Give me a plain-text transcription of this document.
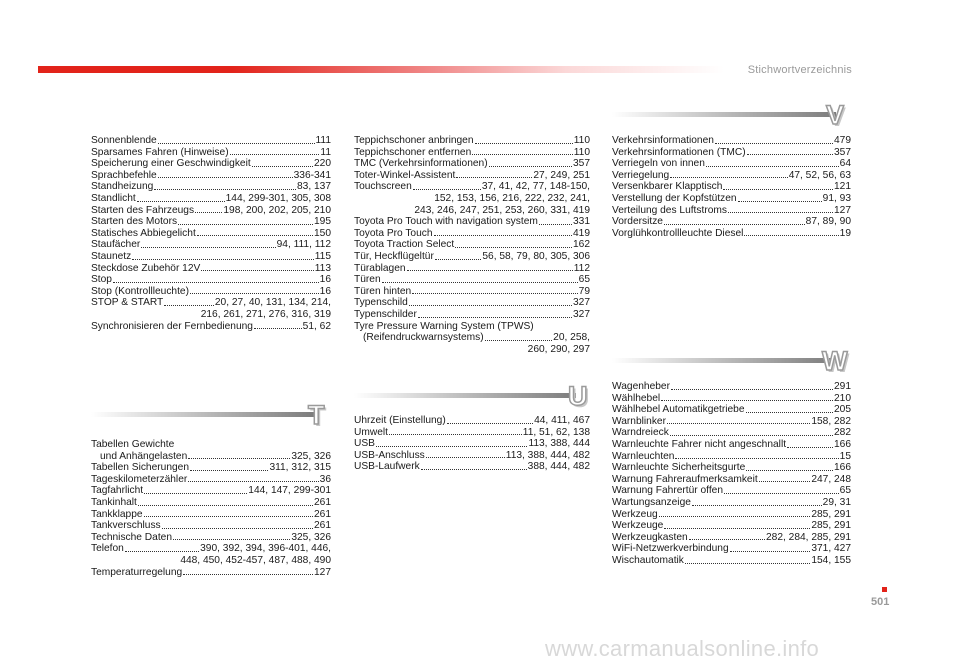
Stichwortverzeichnis
Sonnenblende	111
Sparsames Fahren (Hinweise)	11
Speicherung einer Geschwindigkeit	220
Sprachbefehle	336-341
Standheizung	83, 137
Standlicht	144, 299-301, 305, 308
Starten des Fahrzeugs	198, 200, 202, 205, 210
Starten des Motors	195
Statisches Abbiegelicht	150
Staufächer	94, 111, 112
Staunetz	115
Steckdose Zubehör 12V	113
Stop	16
Stop (Kontrollleuchte)	16
STOP & START	20, 27, 40, 131, 134, 214,
216, 261, 271, 276, 316, 319
Synchronisieren der Fernbedienung	51, 62
T
Tabellen Gewichte
und Anhängelasten	325, 326
Tabellen Sicherungen	311, 312, 315
Tageskilometerzähler	36
Tagfahrlicht	144, 147, 299-301
Tankinhalt	261
Tankklappe	261
Tankverschluss	261
Technische Daten	325, 326
Telefon	390, 392, 394, 396-401, 446,
448, 450, 452-457, 487, 488, 490
Temperaturregelung	127
Teppichschoner anbringen	110
Teppichschoner entfernen	110
TMC (Verkehrsinformationen)	357
Toter-Winkel-Assistent	27, 249, 251
Touchscreen	37, 41, 42, 77, 148-150,
152, 153, 156, 216, 222, 232, 241,
243, 246, 247, 251, 253, 260, 331, 419
Toyota Pro Touch with navigation system	331
Toyota Pro Touch	419
Toyota Traction Select	162
Tür, Heckflügeltür	56, 58, 79, 80, 305, 306
Türablagen	112
Türen	65
Türen hinten	79
Typenschild	327
Typenschilder	327
Tyre Pressure Warning System (TPWS)
(Reifendruckwarnsystems)	20, 258,
260, 290, 297
U
Uhrzeit (Einstellung)	44, 411, 467
Umwelt	11, 51, 62, 138
USB	113, 388, 444
USB-Anschluss	113, 388, 444, 482
USB-Laufwerk	388, 444, 482
V
Verkehrsinformationen	479
Verkehrsinformationen (TMC)	357
Verriegeln von innen	64
Verriegelung	47, 52, 56, 63
Versenkbarer Klapptisch	121
Verstellung der Kopfstützen	91, 93
Verteilung des Luftstroms	127
Vordersitze	87, 89, 90
Vorglühkontrollleuchte Diesel	19
W
Wagenheber	291
Wählhebel	210
Wählhebel Automatikgetriebe	205
Warnblinker	158, 282
Warndreieck	282
Warnleuchte Fahrer nicht angeschnallt	166
Warnleuchten	15
Warnleuchte Sicherheitsgurte	166
Warnung Fahreraufmerksamkeit	247, 248
Warnung Fahrertür offen	65
Wartungsanzeige	29, 31
Werkzeug	285, 291
Werkzeuge	285, 291
Werkzeugkasten	282, 284, 285, 291
WiFi-Netzwerkverbindung	371, 427
Wischautomatik	154, 155
501
www.carmanualsonline.info
